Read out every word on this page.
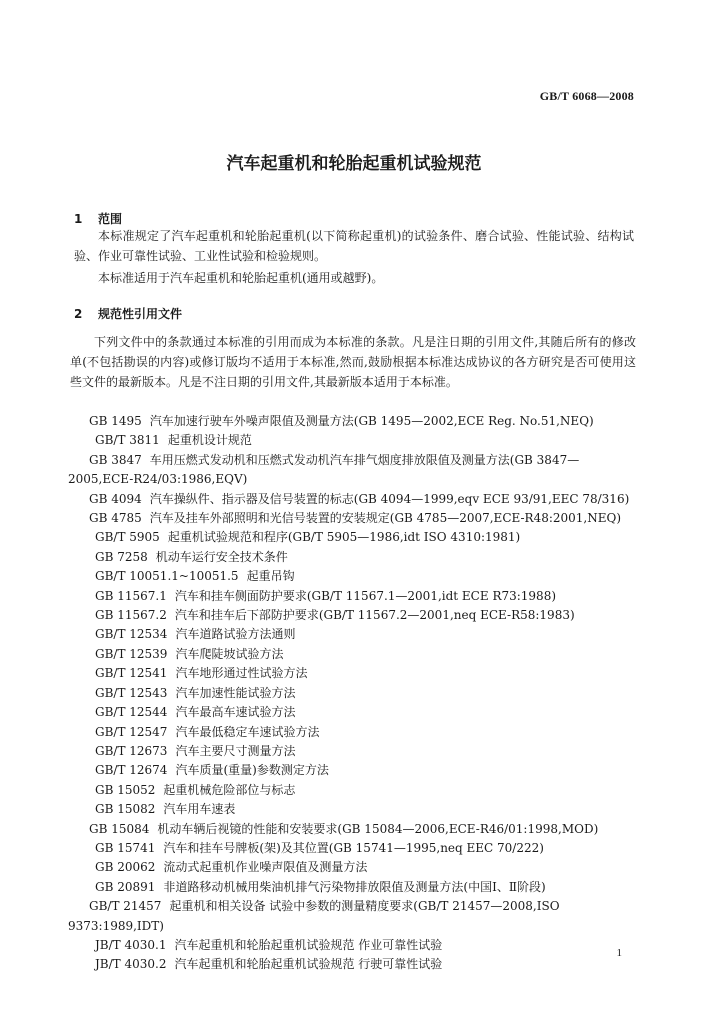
GB/T 6068—2008
汽车起重机和轮胎起重机试验规范
1 范围

本标准规定了汽车起重机和轮胎起重机(以下简称起重机)的试验条件、磨合试验、性能试验、结构试验、作业可靠性试验、工业性试验和检验规则。

本标准适用于汽车起重机和轮胎起重机(通用或越野)。

2 规范性引用文件

下列文件中的条款通过本标准的引用而成为本标准的条款。凡是注日期的引用文件,其随后所有的修改单(不包括勘误的内容)或修订版均不适用于本标准,然而,鼓励根据本标准达成协议的各方研究是否可使用这些文件的最新版本。凡是不注日期的引用文件,其最新版本适用于本标准。

GB 1495 汽车加速行驶车外噪声限值及测量方法(GB 1495—2002,ECE Reg. No.51,NEQ)
GB/T 3811 起重机设计规范
GB 3847 车用压燃式发动机和压燃式发动机汽车排气烟度排放限值及测量方法(GB 3847—2005,ECE-R24/03:1986,EQV)
GB 4094 汽车操纵件、指示器及信号装置的标志(GB 4094—1999,eqv ECE 93/91,EEC 78/316)
GB 4785 汽车及挂车外部照明和光信号装置的安装规定(GB 4785—2007,ECE-R48:2001,NEQ)
GB/T 5905 起重机试验规范和程序(GB/T 5905—1986,idt ISO 4310:1981)
GB 7258 机动车运行安全技术条件
GB/T 10051.1~10051.5 起重吊钩
GB 11567.1 汽车和挂车侧面防护要求(GB/T 11567.1—2001,idt ECE R73:1988)
GB 11567.2 汽车和挂车后下部防护要求(GB/T 11567.2—2001,neq ECE-R58:1983)
GB/T 12534 汽车道路试验方法通则
GB/T 12539 汽车爬陡坡试验方法
GB/T 12541 汽车地形通过性试验方法
GB/T 12543 汽车加速性能试验方法
GB/T 12544 汽车最高车速试验方法
GB/T 12547 汽车最低稳定车速试验方法
GB/T 12673 汽车主要尺寸测量方法
GB/T 12674 汽车质量(重量)参数测定方法
GB 15052 起重机械危险部位与标志
GB 15082 汽车用车速表
GB 15084 机动车辆后视镜的性能和安装要求(GB 15084—2006,ECE-R46/01:1998,MOD)
GB 15741 汽车和挂车号牌板(架)及其位置(GB 15741—1995,neq EEC 70/222)
GB 20062 流动式起重机作业噪声限值及测量方法
GB 20891 非道路移动机械用柴油机排气污染物排放限值及测量方法(中国Ⅰ、Ⅱ阶段)
GB/T 21457 起重机和相关设备 试验中参数的测量精度要求(GB/T 21457—2008,ISO 9373:1989,IDT)
JB/T 4030.1 汽车起重机和轮胎起重机试验规范 作业可靠性试验
JB/T 4030.2 汽车起重机和轮胎起重机试验规范 行驶可靠性试验
1
